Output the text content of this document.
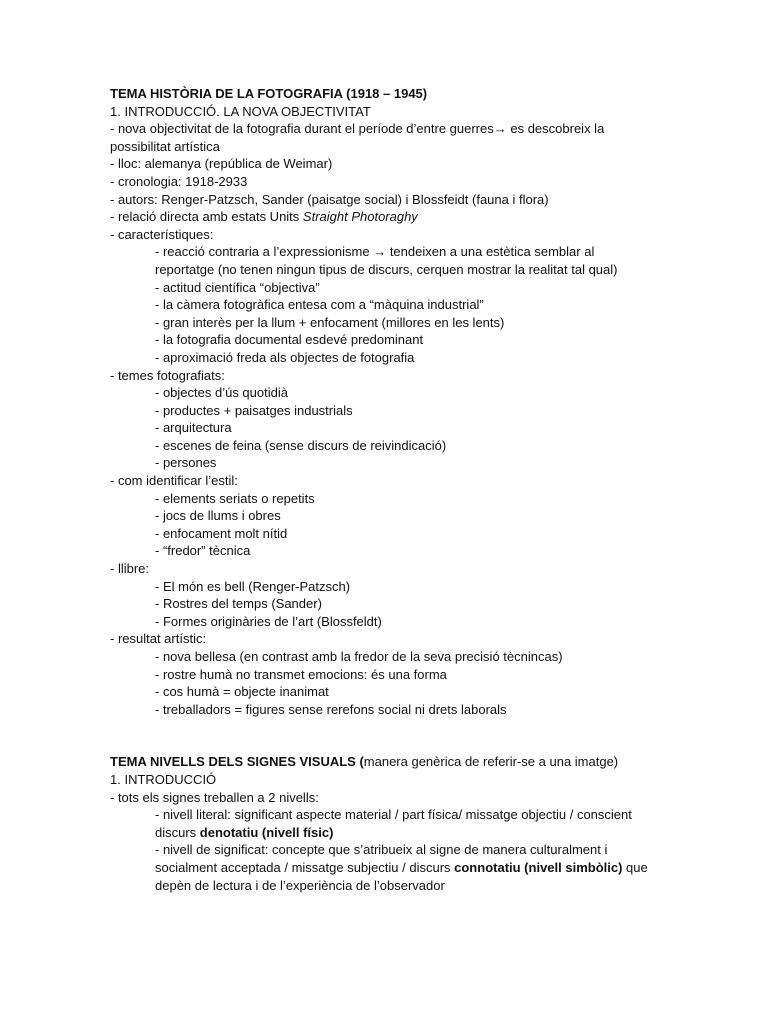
TEMA HISTÒRIA DE LA FOTOGRAFIA (1918 – 1945)
1. INTRODUCCIÓ. LA NOVA OBJECTIVITAT
- nova objectivitat de la fotografia durant el període d’entre guerres→ es descobreix la possibilitat artística
- lloc: alemanya (república de Weimar)
- cronologia: 1918-2933
- autors: Renger-Patzsch, Sander (paisatge social) i Blossfeidt (fauna i flora)
- relació directa amb estats Units Straight Photoraghy
- característiques:
- reacció contraria a l’expressionisme → tendeixen a una estètica semblar al reportatge (no tenen ningun tipus de discurs, cerquen mostrar la realitat tal qual)
- actitud científica “objectiva”
- la càmera fotogràfica entesa com a “màquina industrial”
- gran interès per la llum + enfocament (millores en les lents)
- la fotografia documental esdevé predominant
- aproximació freda als objectes de fotografia
- temes fotografiats:
- objectes d’ús quotidià
- productes + paisatges industrials
- arquitectura
- escenes de feina (sense discurs de reivindicació)
- persones
- com identificar l’estil:
- elements seriats o repetits
- jocs de llums i obres
- enfocament molt nítid
- “fredor” tècnica
- llibre:
- El món es bell (Renger-Patzsch)
- Rostres del temps (Sander)
- Formes originàries de l’art (Blossfeldt)
- resultat artístic:
- nova bellesa (en contrast amb la fredor de la seva precisió tècnincas)
- rostre humà no transmet emocions: és una forma
- cos humà = objecte inanimat
- treballadors = figures sense rerefons social ni drets laborals
TEMA NIVELLS DELS SIGNES VISUALS (manera genèrica de referir-se a una imatge)
1. INTRODUCCIÓ
- tots els signes treballen a 2 nivells:
- nivell literal: significant aspecte material / part física/ missatge objectiu / conscient discurs denotatiu (nivell físic)
- nivell de significat: concepte que s’atribueix al signe de manera culturalment i socialment acceptada / missatge subjectiu / discurs connotatiu (nivell simbòlic) que depèn de lectura i de l’experiència de l’observador
